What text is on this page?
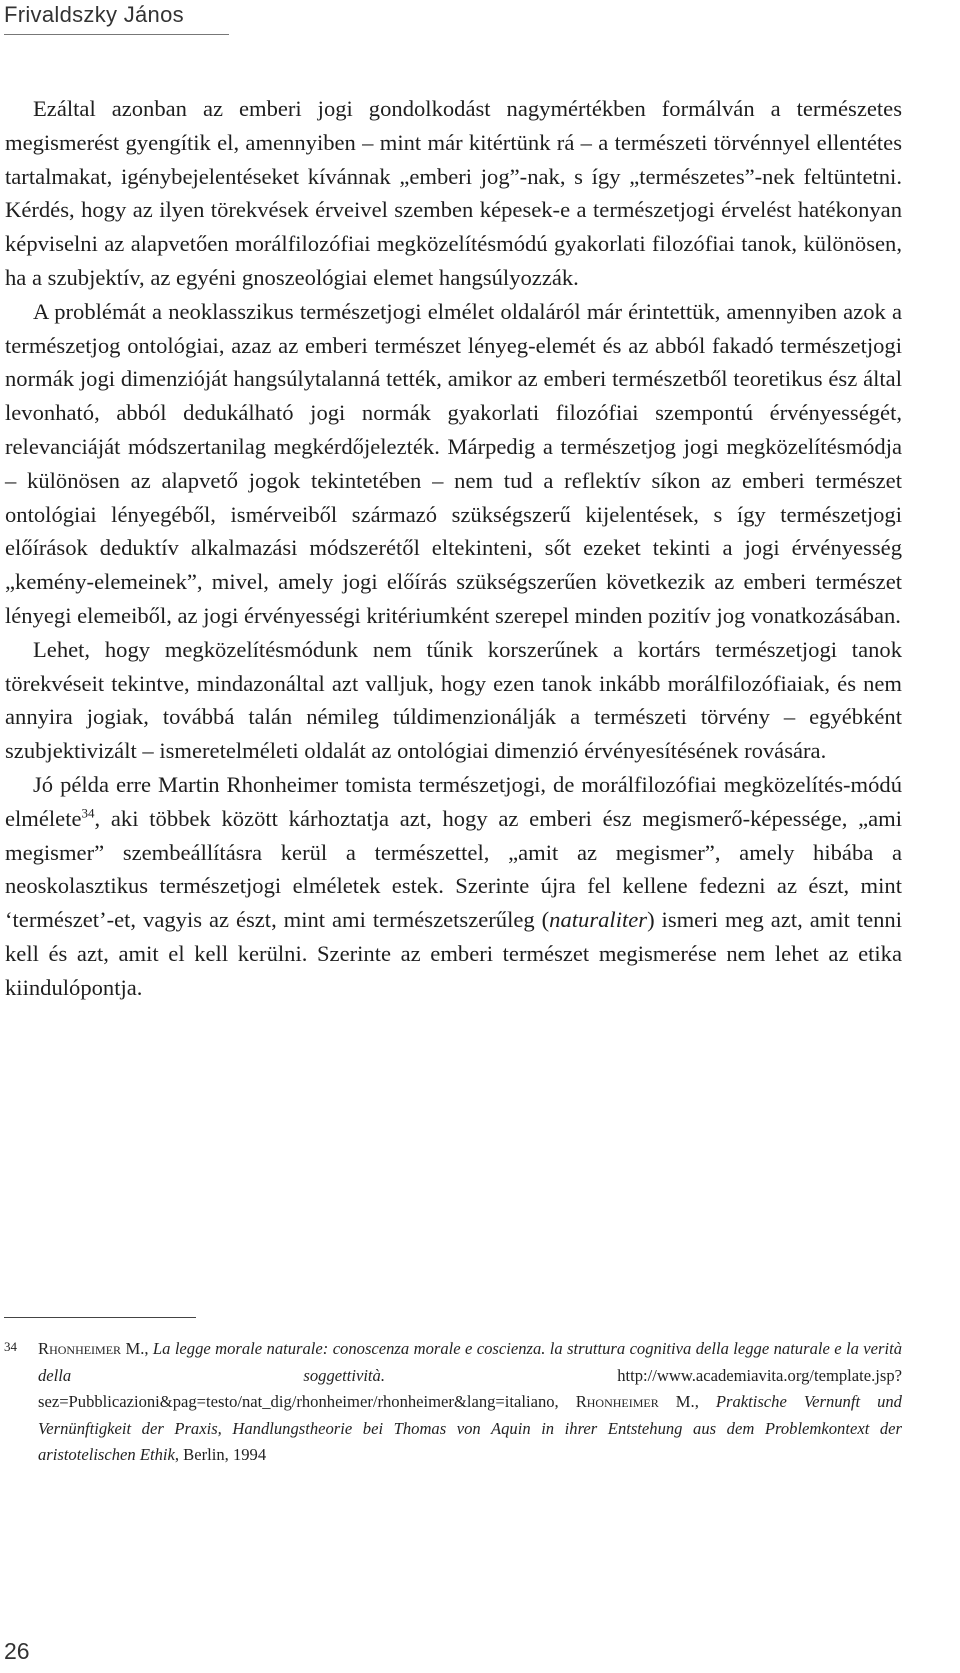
Frivaldszky János

Ezáltal azonban az emberi jogi gondolkodást nagymértékben formálván a természetes megismerést gyengítik el, amennyiben – mint már kitértünk rá – a természeti törvénnyel ellentétes tartalmakat, igénybejelentéseket kívánnak „emberi jog”-nak, s így „természetes”-nek feltüntetni. Kérdés, hogy az ilyen törekvések érveivel szemben képesek-e a természetjogi érvelést hatékonyan képviselni az alapvetően morálfilozófiai megközelítésmódú gyakorlati filozófiai tanok, különösen, ha a szubjektív, az egyéni gnoszeológiai elemet hangsúlyozzák.

A problémát a neoklasszikus természetjogi elmélet oldaláról már érintettük, amennyiben azok a természetjog ontológiai, azaz az emberi természet lényeg-elemét és az abból fakadó természetjogi normák jogi dimenzióját hangsúlytalanná tették, amikor az emberi természetből teoretikus ész által levonható, abból dedukálható jogi normák gyakorlati filozófiai szempontú érvényességét, relevanciáját módszertanilag megkérdőjelezték. Márpedig a természetjog jogi megközelítésmódja – különösen az alapvető jogok tekintetében – nem tud a reflektív síkon az emberi természet ontológiai lényegéből, ismérveiből származó szükségszerű kijelentések, s így természetjogi előírások deduktív alkalmazási módszerétől eltekinteni, sőt ezeket tekinti a jogi érvényesség „kemény-elemeinek”, mivel, amely jogi előírás szükségszerűen következik az emberi természet lényegi elemeiből, az jogi érvényességi kritériumként szerepel minden pozitív jog vonatkozásában.

Lehet, hogy megközelítésmódunk nem tűnik korszerűnek a kortárs természetjogi tanok törekvéseit tekintve, mindazonáltal azt valljuk, hogy ezen tanok inkább morálfilozófiaiak, és nem annyira jogiak, továbbá talán némileg túldimenzionálják a természeti törvény – egyébként szubjektivizált – ismeretelméleti oldalát az ontológiai dimenzió érvényesítésének rovására.

Jó példa erre Martin Rhonheimer tomista természetjogi, de morálfilozófiai megközelítés-módú elmélete$^{34}$, aki többek között kárhoztatja azt, hogy az emberi ész megismerő-képessége, „ami megismer” szembeállításra kerül a természettel, „amit az megismer”, amely hibába a neoskolasztikus természetjogi elméletek estek. Szerinte újra fel kellene fedezni az észt, mint ‘természet’-et, vagyis az észt, mint ami természetszerűleg (naturaliter) ismeri meg azt, amit tenni kell és azt, amit el kell kerülni. Szerinte az emberi természet megismerése nem lehet az etika kiindulópontja.

34 Rhonheimer M., La legge morale naturale: conoscenza morale e coscienza. la struttura cognitiva della legge naturale e la verità della soggettività. http://www.academiavita.org/template.jsp?sez=Pubblicazioni&pag=testo/nat_dig/rhonheimer/rhonheimer&lang=italiano, Rhonheimer M., Praktische Vernunft und Vernünftigkeit der Praxis, Handlungstheorie bei Thomas von Aquin in ihrer Entstehung aus dem Problemkontext der aristotelischen Ethik, Berlin, 1994
26
